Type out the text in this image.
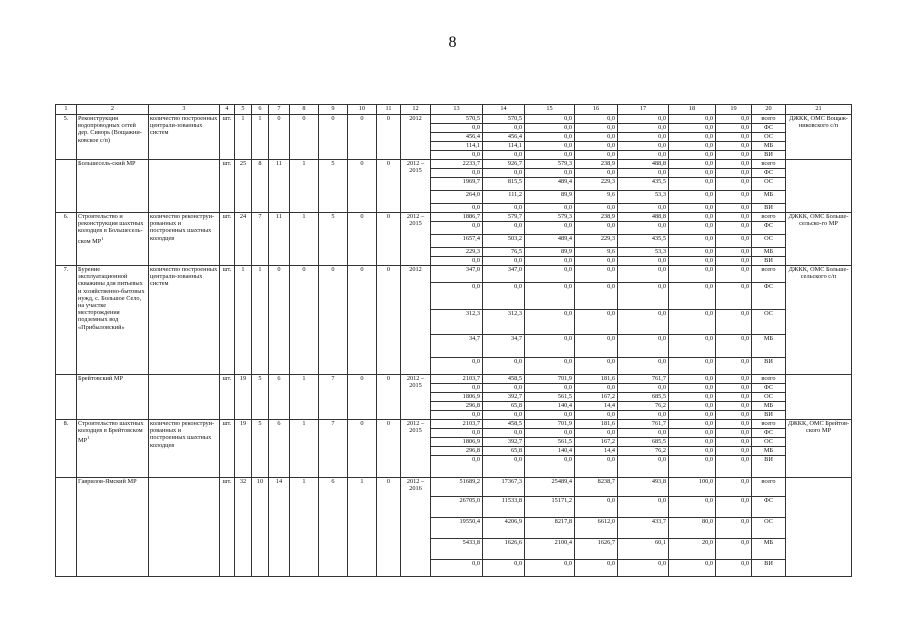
8
1	2	3	4	5	6	7	8	9	10	11	12	13	14	15	16	17	18	19	20	21
5.	Реконструкция водопроводных сетей дер. Сиворь (Вощажни-ковское с/п)	количество построенных централи-зованных систем	шт.	1	1	0	0	0	0	0	2012	570,5	570,5	0,0	0,0	0,0	0,0	0,0	всего	ДЖКК, ОМС Вощаж-никовского с/п
												0,0	0,0	0,0	0,0	0,0	0,0	0,0	ФС	
												456,4	456,4	0,0	0,0	0,0	0,0	0,0	ОС	
												114,1	114,1	0,0	0,0	0,0	0,0	0,0	МБ	
												0,0	0,0	0,0	0,0	0,0	0,0	0,0	ВИ	
	Большесель-ский МР		шт.	25	8	11	1	5	0	0	2012 – 2015	2233,7	926,7	579,3	238,9	488,8	0,0	0,0	всего	
												0,0	0,0	0,0	0,0	0,0	0,0	0,0	ФС	
												1969,7	815,5	489,4	229,3	435,5	0,0	0,0	ОС	
												264,0	111,2	89,9	9,6	53,3	0,0	0,0	МБ	
												0,0	0,0	0,0	0,0	0,0	0,0	0,0	ВИ	
6.	Строительство и реконструкция шахтных колодцев в Большесель-ском $МР^1$	количество реконструи-рованных и построенных шахтных колодцев	шт.	24	7	11	1	5	0	0	2012 – 2015	1886,7	579,7	579,3	238,9	488,8	0,0	0,0	всего	ДЖКК, ОМС Больше-сельско-го МР
												0,0	0,0	0,0	0,0	0,0	0,0	0,0	ФС	
												1657,4	503,2	489,4	229,3	435,5	0,0	0,0	ОС	
												229,3	76,5	89,9	9,6	53,3	0,0	0,0	МБ	
												0,0	0,0	0,0	0,0	0,0	0,0	0,0	ВИ	
7.	Бурение эксплуатационной скважины для питьевых и хозяйственно-бытовых нужд, с. Большое Село, на участке месторождения подземных вод «Прибыловский»	количество построенных централи-зованных систем	шт.	1	1	0	0	0	0	0	2012	347,0	347,0	0,0	0,0	0,0	0,0	0,0	всего	ДЖКК, ОМС Больше-сельского с/п
												0,0	0,0	0,0	0,0	0,0	0,0	0,0	ФС	
												312,3	312,3	0,0	0,0	0,0	0,0	0,0	ОС	
												34,7	34,7	0,0	0,0	0,0	0,0	0,0	МБ	
												0,0	0,0	0,0	0,0	0,0	0,0	0,0	ВИ	
	Брейтовский МР		шт.	19	5	6	1	7	0	0	2012 – 2015	2103,7	458,5	701,9	181,6	761,7	0,0	0,0	всего	
												0,0	0,0	0,0	0,0	0,0	0,0	0,0	ФС	
												1806,9	392,7	561,5	167,2	685,5	0,0	0,0	ОС	
												296,8	65,8	140,4	14,4	76,2	0,0	0,0	МБ	
												0,0	0,0	0,0	0,0	0,0	0,0	0,0	ВИ	
8.	Строительство шахтных колодцев в Брейтовском $МР^1$	количество реконструи-рованных и построенных шахтных колодцев	шт.	19	5	6	1	7	0	0	2012 – 2015	2103,7	458,5	701,9	181,6	761,7	0,0	0,0	всего	ДЖКК, ОМС Брейтов-ского МР
												0,0	0,0	0,0	0,0	0,0	0,0	0,0	ФС	
												1806,9	392,7	561,5	167,2	685,5	0,0	0,0	ОС	
												296,8	65,8	140,4	14,4	76,2	0,0	0,0	МБ	
												0,0	0,0	0,0	0,0	0,0	0,0	0,0	ВИ	
	Гаврилов-Ямский МР		шт.	32	10	14	1	6	1	0	2012 – 2016	51689,2	17367,3	25489,4	8238,7	493,8	100,0	0,0	всего	
												26705,0	11533,8	15171,2	0,0	0,0	0,0	0,0	ФС	
												19550,4	4206,9	8217,8	6612,0	433,7	80,0	0,0	ОС	
												5433,8	1626,6	2100,4	1626,7	60,1	20,0	0,0	МБ	
												0,0	0,0	0,0	0,0	0,0	0,0	0,0	ВИ	
